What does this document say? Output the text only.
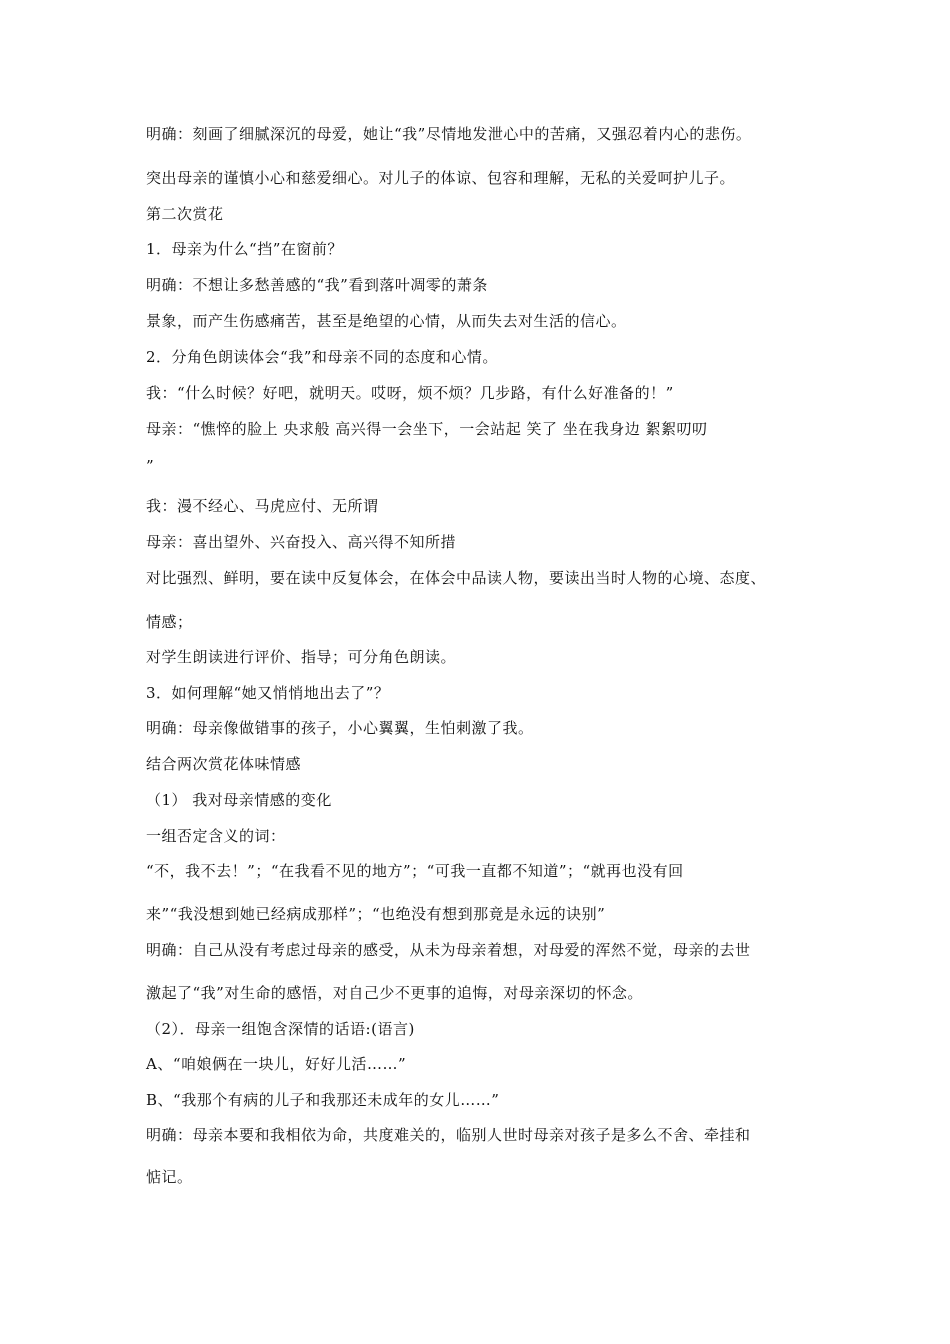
明确：刻画了细腻深沉的母爱，她让“我”尽情地发泄心中的苦痛，又强忍着内心的悲伤。
突出母亲的谨慎小心和慈爱细心。对儿子的体谅、包容和理解，无私的关爱呵护儿子。
第二次赏花
1．母亲为什么“挡”在窗前？
明确：不想让多愁善感的“我”看到落叶凋零的萧条
景象，而产生伤感痛苦，甚至是绝望的心情，从而失去对生活的信心。
2．分角色朗读体会“我”和母亲不同的态度和心情。
我：“什么时候？好吧，就明天。哎呀，烦不烦？几步路，有什么好准备的！”
母亲：“憔悴的脸上 央求般 高兴得一会坐下，一会站起 笑了 坐在我身边 絮絮叨叨
”
我：漫不经心、马虎应付、无所谓
母亲：喜出望外、兴奋投入、高兴得不知所措
对比强烈、鲜明，要在读中反复体会，在体会中品读人物，要读出当时人物的心境、态度、
情感；
对学生朗读进行评价、指导；可分角色朗读。
3．如何理解“她又悄悄地出去了”？
明确：母亲像做错事的孩子，小心翼翼，生怕刺激了我。
结合两次赏花体味情感
（1） 我对母亲情感的变化
一组否定含义的词：
“不，我不去！”；“在我看不见的地方”；“可我一直都不知道”；“就再也没有回
来”“我没想到她已经病成那样”；“也绝没有想到那竟是永远的诀别”
明确：自己从没有考虑过母亲的感受，从未为母亲着想，对母爱的浑然不觉，母亲的去世
激起了“我”对生命的感悟，对自己少不更事的追悔，对母亲深切的怀念。
（2）．母亲一组饱含深情的话语:(语言)
A、“咱娘俩在一块儿，好好儿活……”
B、“我那个有病的儿子和我那还未成年的女儿……”
明确：母亲本要和我相依为命，共度难关的，临别人世时母亲对孩子是多么不舍、牵挂和
惦记。
